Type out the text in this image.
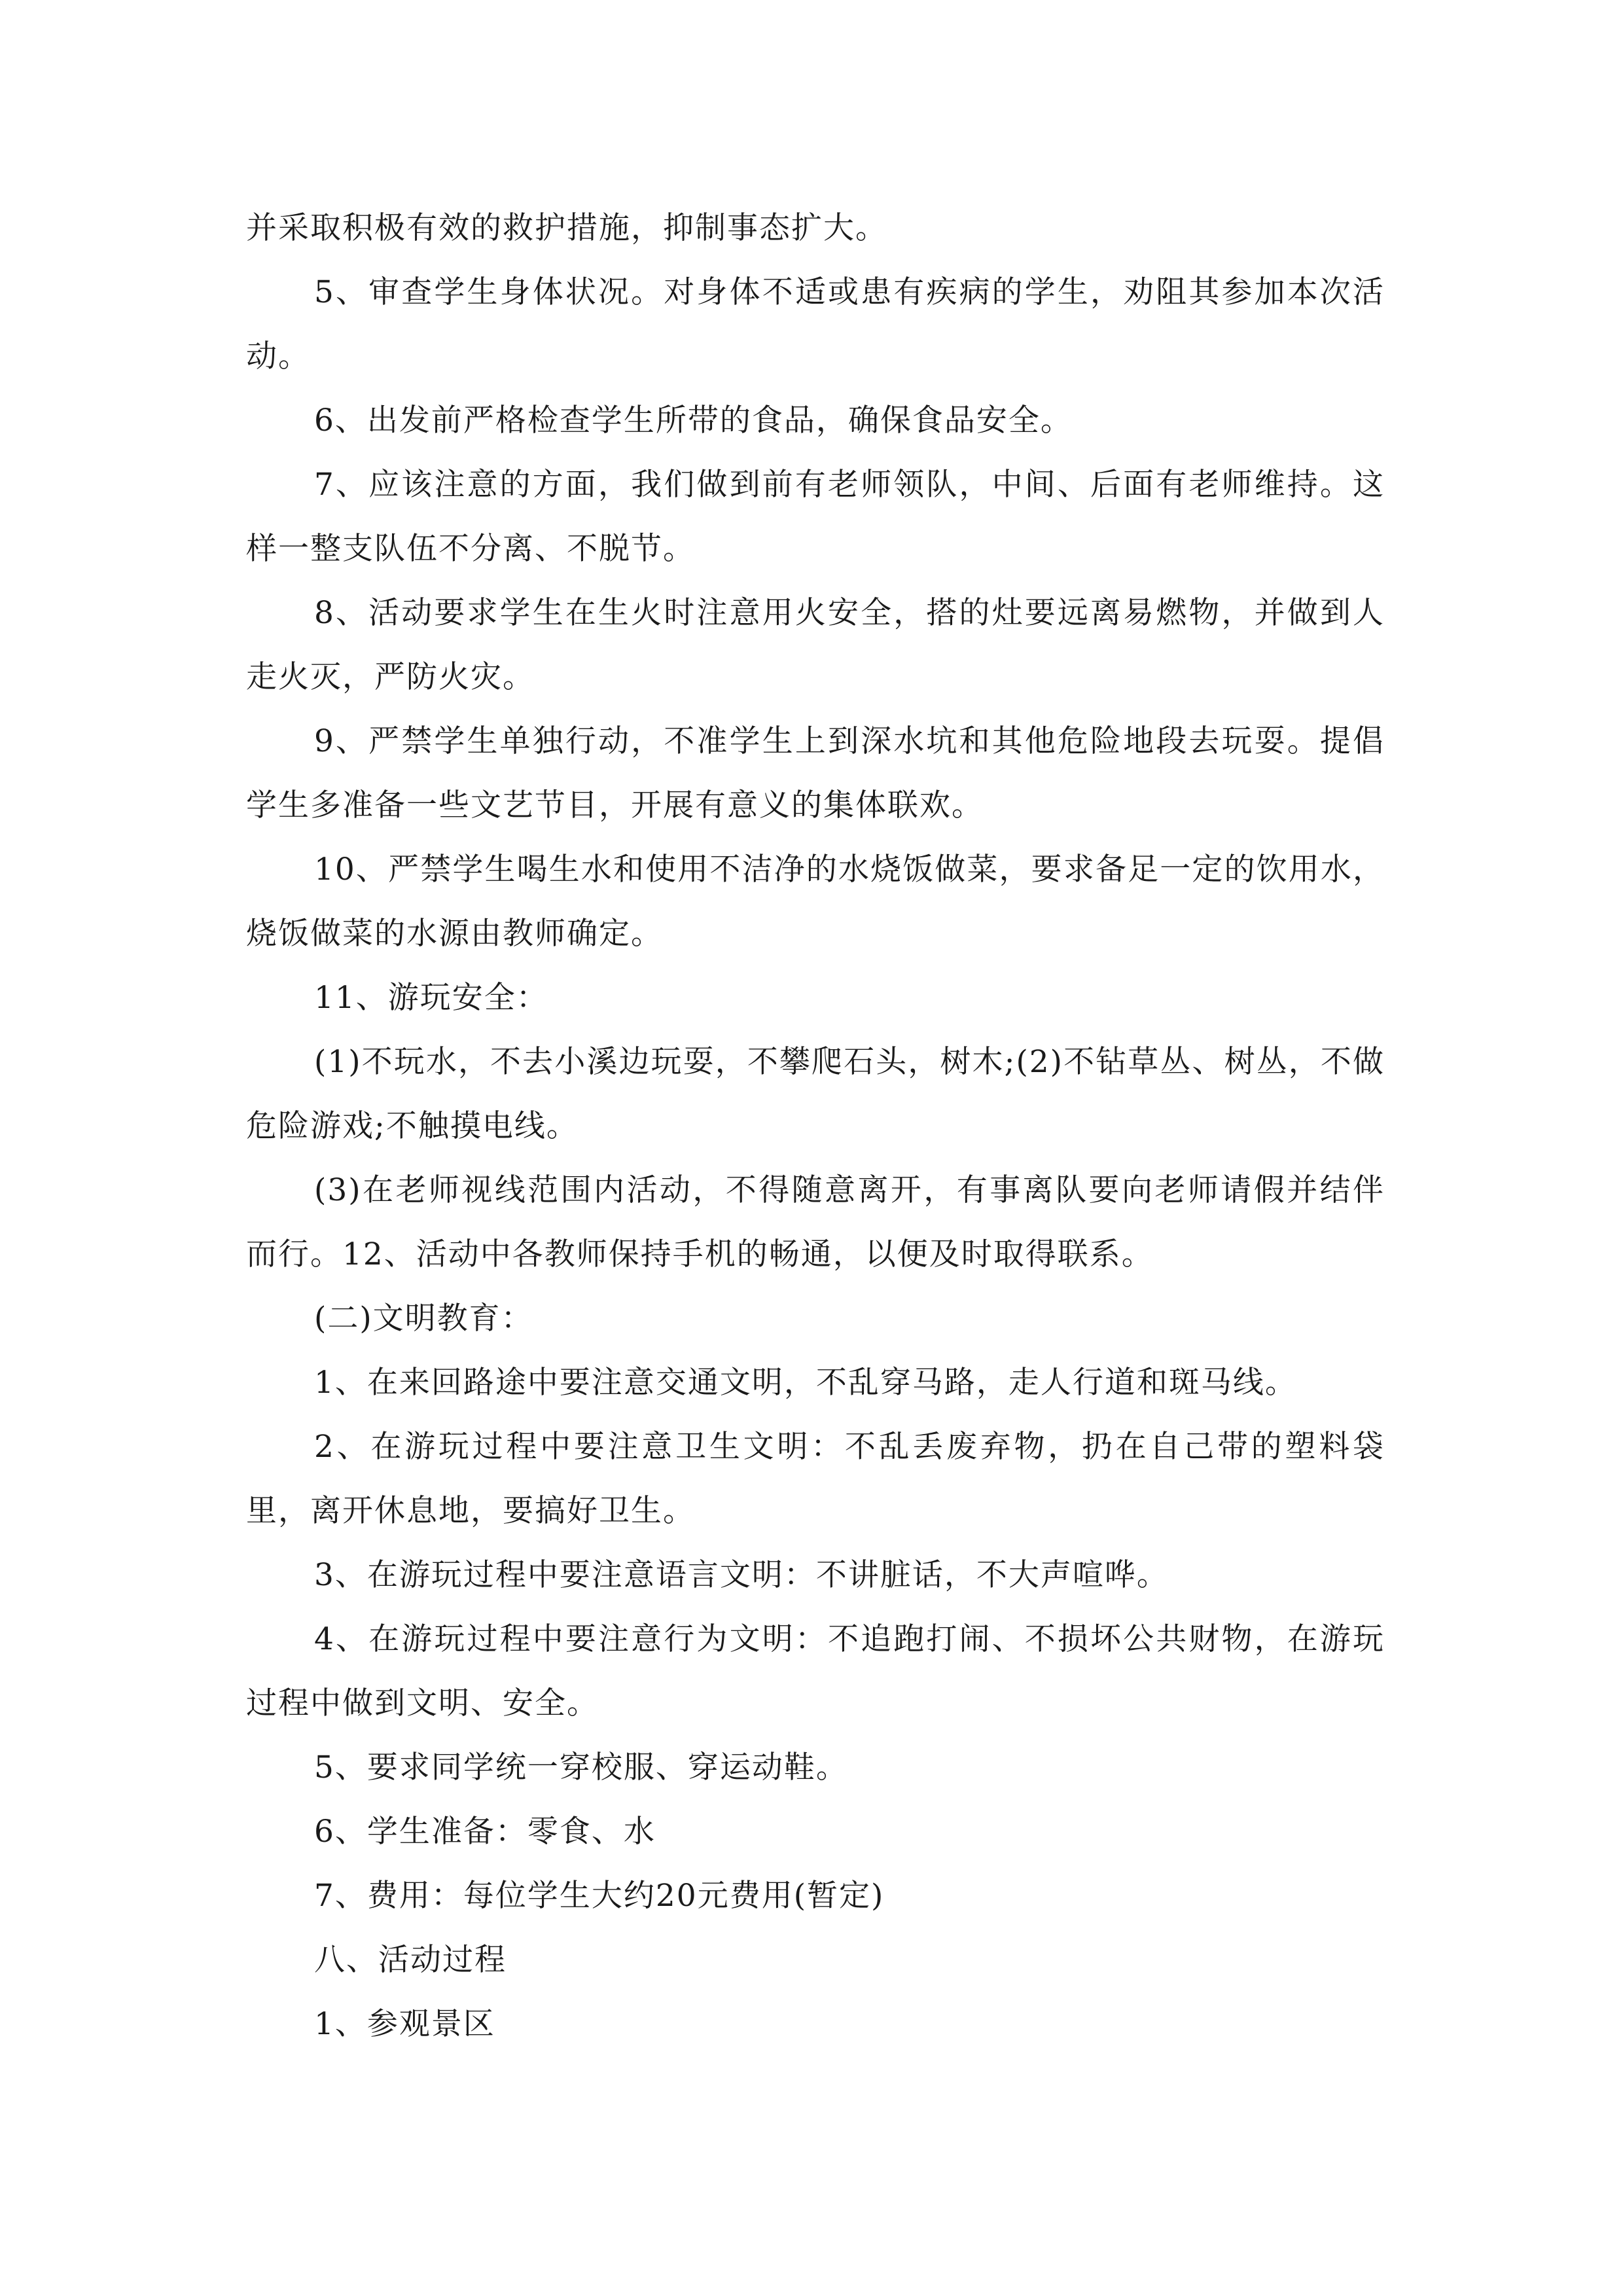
并采取积极有效的救护措施，抑制事态扩大。

5、审查学生身体状况。对身体不适或患有疾病的学生，劝阻其参加本次活动。

6、出发前严格检查学生所带的食品，确保食品安全。

7、应该注意的方面，我们做到前有老师领队，中间、后面有老师维持。这样一整支队伍不分离、不脱节。

8、活动要求学生在生火时注意用火安全，搭的灶要远离易燃物，并做到人走火灭，严防火灾。

9、严禁学生单独行动，不准学生上到深水坑和其他危险地段去玩耍。提倡学生多准备一些文艺节目，开展有意义的集体联欢。

10、严禁学生喝生水和使用不洁净的水烧饭做菜，要求备足一定的饮用水，烧饭做菜的水源由教师确定。

11、游玩安全：

(1)不玩水，不去小溪边玩耍，不攀爬石头，树木;(2)不钻草丛、树丛，不做危险游戏;不触摸电线。

(3)在老师视线范围内活动，不得随意离开，有事离队要向老师请假并结伴而行。12、活动中各教师保持手机的畅通，以便及时取得联系。

(二)文明教育：

1、在来回路途中要注意交通文明，不乱穿马路，走人行道和斑马线。

2、在游玩过程中要注意卫生文明：不乱丢废弃物，扔在自己带的塑料袋里，离开休息地，要搞好卫生。

3、在游玩过程中要注意语言文明：不讲脏话，不大声喧哗。

4、在游玩过程中要注意行为文明：不追跑打闹、不损坏公共财物，在游玩过程中做到文明、安全。

5、要求同学统一穿校服、穿运动鞋。

6、学生准备：零食、水

7、费用：每位学生大约20元费用(暂定)

八、活动过程

1、参观景区
